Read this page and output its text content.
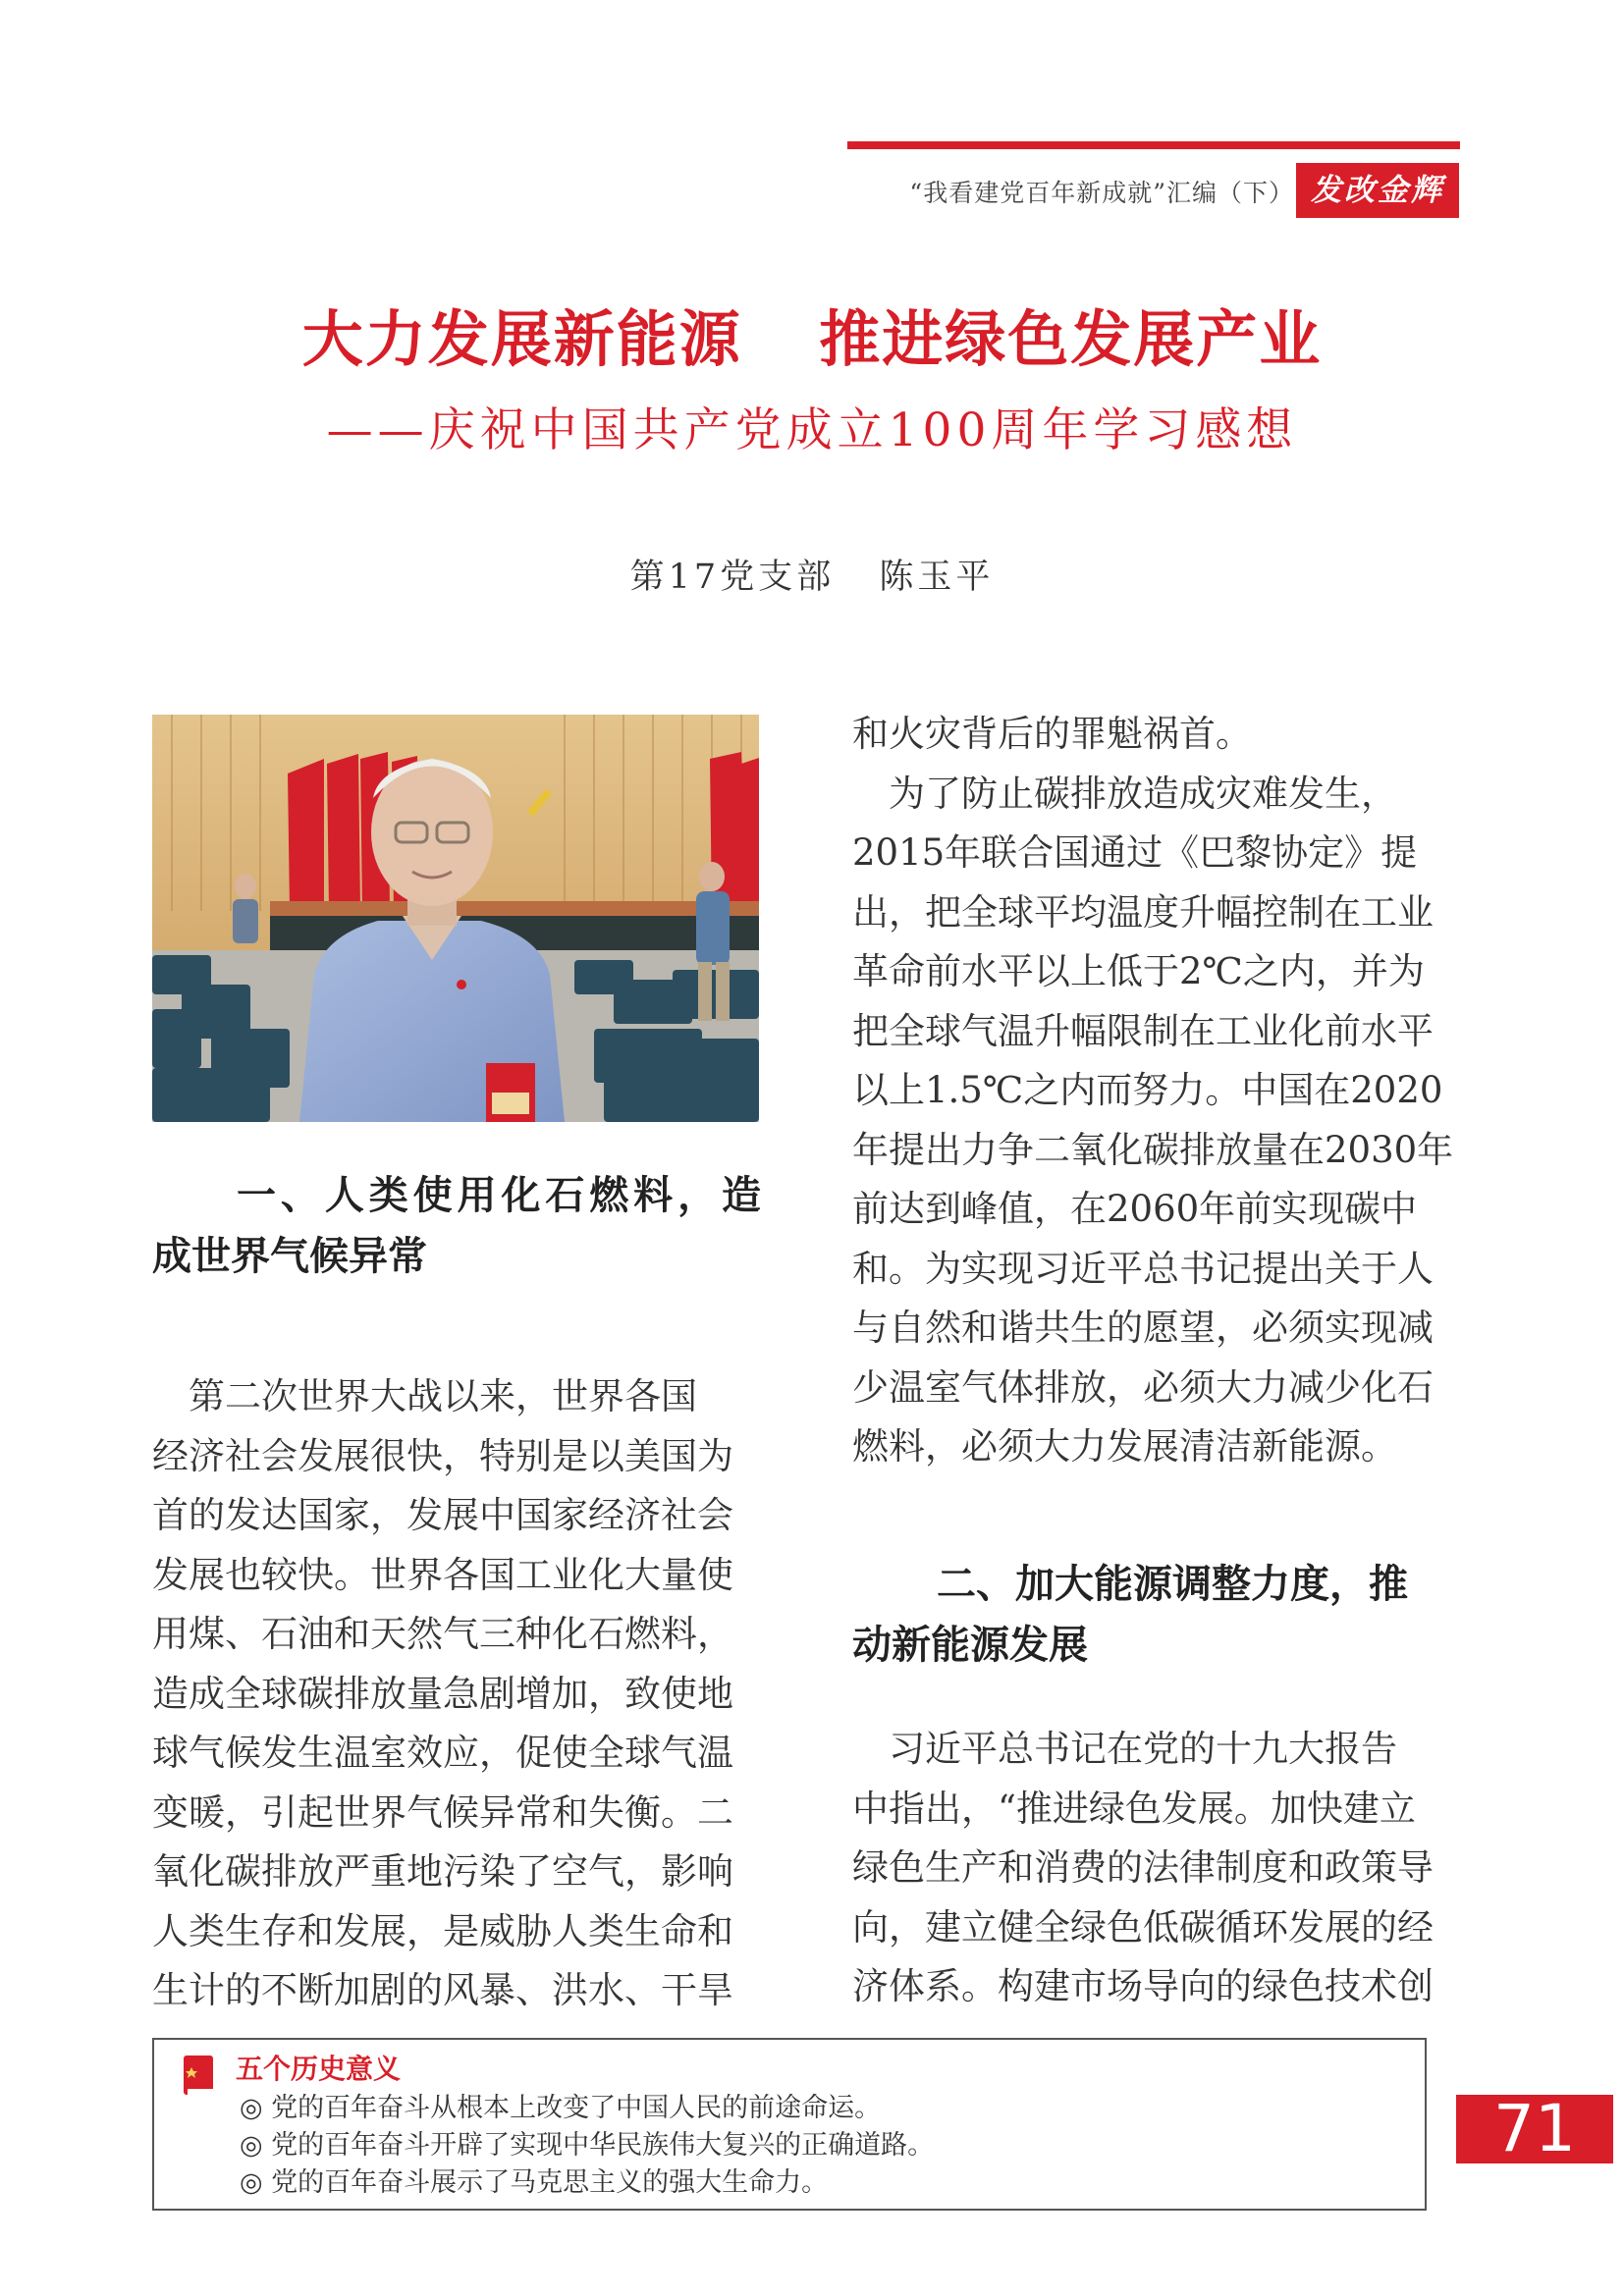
“我看建党百年新成就”汇编（下） 发改金辉
大力发展新能源 推进绿色发展产业
——庆祝中国共产党成立100周年学习感想
第17党支部 陈玉平
一、人类使用化石燃料，造
成世界气候异常
　第二次世界大战以来，世界各国
经济社会发展很快，特别是以美国为
首的发达国家，发展中国家经济社会
发展也较快。世界各国工业化大量使
用煤、石油和天然气三种化石燃料，
造成全球碳排放量急剧增加，致使地
球气候发生温室效应，促使全球气温
变暖，引起世界气候异常和失衡。二
氧化碳排放严重地污染了空气，影响
人类生存和发展，是威胁人类生命和
生计的不断加剧的风暴、洪水、干旱
和火灾背后的罪魁祸首。
　为了防止碳排放造成灾难发生，
2015年联合国通过《巴黎协定》提
出，把全球平均温度升幅控制在工业
革命前水平以上低于2℃之内，并为
把全球气温升幅限制在工业化前水平
以上1.5℃之内而努力。中国在2020
年提出力争二氧化碳排放量在2030年
前达到峰值，在2060年前实现碳中
和。为实现习近平总书记提出关于人
与自然和谐共生的愿望，必须实现减
少温室气体排放，必须大力减少化石
燃料，必须大力发展清洁新能源。
二、加大能源调整力度，推
动新能源发展
　习近平总书记在党的十九大报告
中指出，“推进绿色发展。加快建立
绿色生产和消费的法律制度和政策导
向，建立健全绿色低碳循环发展的经
济体系。构建市场导向的绿色技术创
五个历史意义
◎ 党的百年奋斗从根本上改变了中国人民的前途命运。
◎ 党的百年奋斗开辟了实现中华民族伟大复兴的正确道路。
◎ 党的百年奋斗展示了马克思主义的强大生命力。
71
